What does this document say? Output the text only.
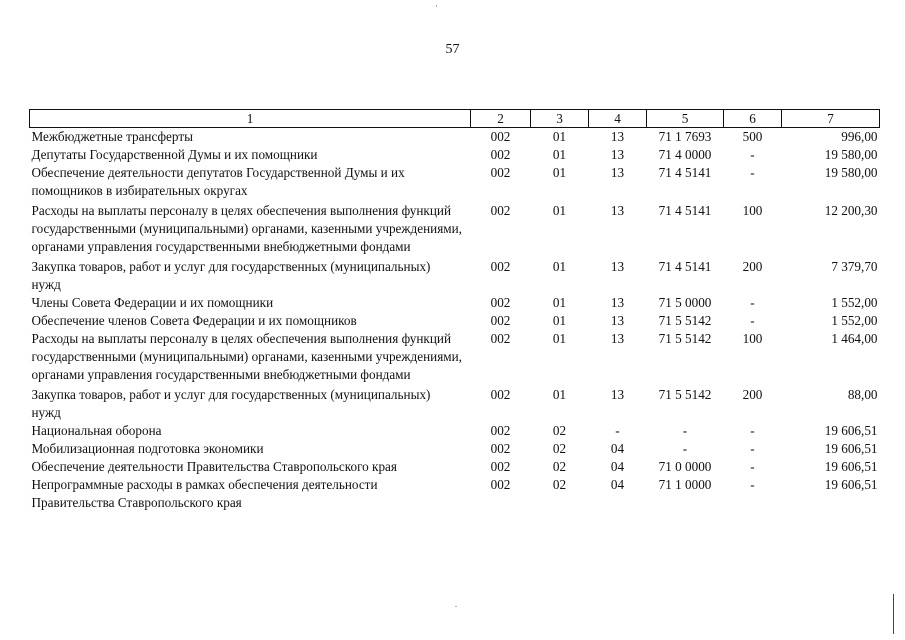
57
1	2	3	4	5	6	7
Межбюджетные трансферты	002	01	13	71 1 7693	500	996,00
Депутаты Государственной Думы и их помощники	002	01	13	71 4 0000	-	19 580,00
Обеспечение деятельности депутатов Государственной Думы и их помощников в избирательных округах	002	01	13	71 4 5141	-	19 580,00
Расходы на выплаты персоналу в целях обеспечения выполнения функций государственными (муниципальными) органами, казенными учреждениями, органами управления государственными внебюджетными фондами	002	01	13	71 4 5141	100	12 200,30
Закупка товаров, работ и услуг для государственных (муниципальных) нужд	002	01	13	71 4 5141	200	7 379,70
Члены Совета Федерации и их помощники	002	01	13	71 5 0000	-	1 552,00
Обеспечение членов Совета Федерации и их помощников	002	01	13	71 5 5142	-	1 552,00
Расходы на выплаты персоналу в целях обеспечения выполнения функций государственными (муниципальными) органами, казенными учреждениями, органами управления государственными внебюджетными фондами	002	01	13	71 5 5142	100	1 464,00
Закупка товаров, работ и услуг для государственных (муниципальных) нужд	002	01	13	71 5 5142	200	88,00
Национальная оборона	002	02	-	-	-	19 606,51
Мобилизационная подготовка экономики	002	02	04	-	-	19 606,51
Обеспечение деятельности Правительства Ставропольского края	002	02	04	71 0 0000	-	19 606,51
Непрограммные расходы в рамках обеспечения деятельности Правительства Ставропольского края	002	02	04	71 1 0000	-	19 606,51
